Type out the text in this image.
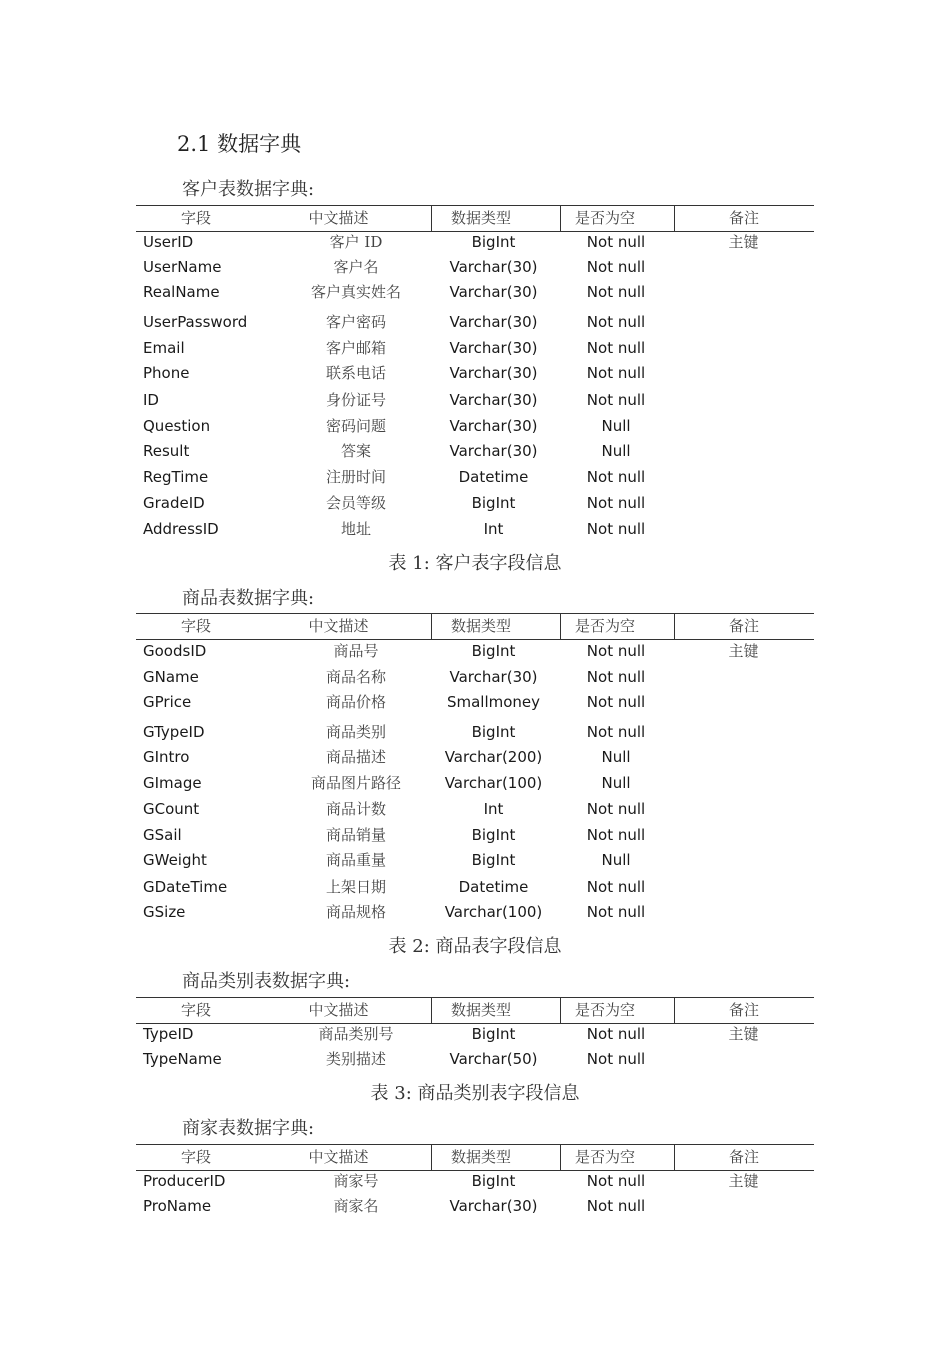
2.1 数据字典
客户表数据字典:
字段	中文描述	数据类型	是否为空	备注
UserID	客户 ID	BigInt	Not null	主键
UserName	客户名	Varchar(30)	Not null
RealName	客户真实姓名	Varchar(30)	Not null
UserPassword	客户密码	Varchar(30)	Not null
Email	客户邮箱	Varchar(30)	Not null
Phone	联系电话	Varchar(30)	Not null
ID	身份证号	Varchar(30)	Not null
Question	密码问题	Varchar(30)	Null
Result	答案	Varchar(30)	Null
RegTime	注册时间	Datetime	Not null
GradeID	会员等级	BigInt	Not null
AddressID	地址	Int	Not null
表 1: 客户表字段信息
商品表数据字典:
字段	中文描述	数据类型	是否为空	备注
GoodsID	商品号	BigInt	Not null	主键
GName	商品名称	Varchar(30)	Not null
GPrice	商品价格	Smallmoney	Not null
GTypeID	商品类别	BigInt	Not null
GIntro	商品描述	Varchar(200)	Null
GImage	商品图片路径	Varchar(100)	Null
GCount	商品计数	Int	Not null
GSail	商品销量	BigInt	Not null
GWeight	商品重量	BigInt	Null
GDateTime	上架日期	Datetime	Not null
GSize	商品规格	Varchar(100)	Not null
表 2: 商品表字段信息
商品类别表数据字典:
字段	中文描述	数据类型	是否为空	备注
TypeID	商品类别号	BigInt	Not null	主键
TypeName	类别描述	Varchar(50)	Not null
表 3: 商品类别表字段信息
商家表数据字典:
字段	中文描述	数据类型	是否为空	备注
ProducerID	商家号	BigInt	Not null	主键
ProName	商家名	Varchar(30)	Not null
